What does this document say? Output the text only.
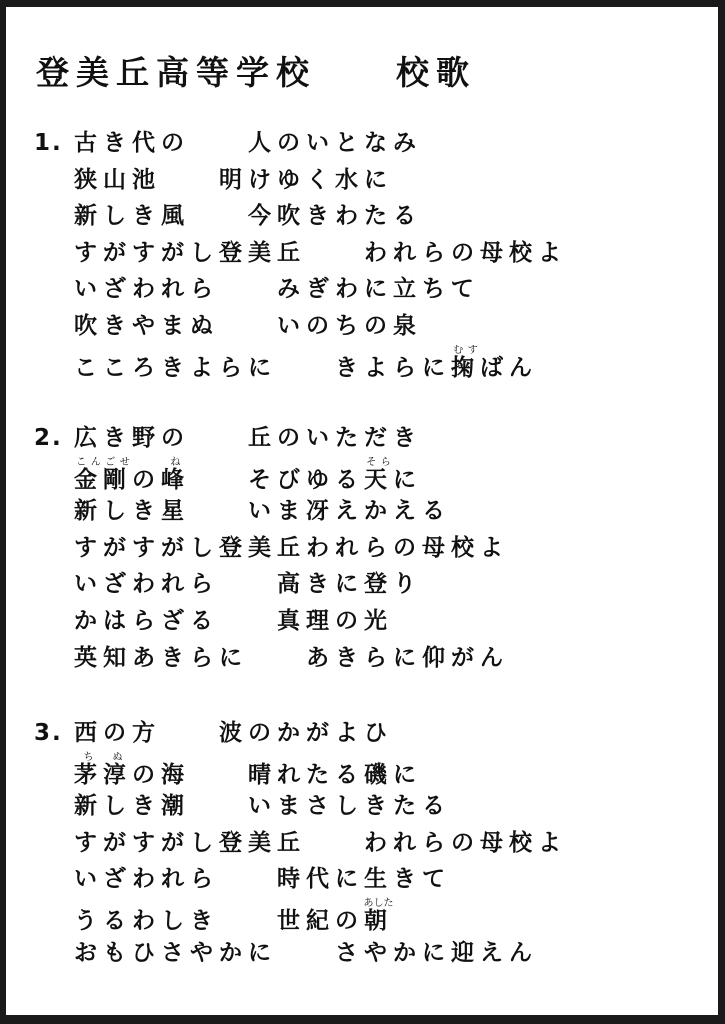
登美丘高等学校　　校歌
1. 古き代の　　人のいとなみ
狭山池　　明けゆく水に
新しき風　　今吹きわたる
すがすがし登美丘　　われらの母校よ
いざわれら　　みぎわに立ちて
吹きやまぬ　　いのちの泉
こころきよらに　　きよらに掬むすばん
2. 広き野の　　丘のいただき
金剛こんごせの峰ね　　そびゆる天そらに
新しき星　　いま冴えかえる
すがすがし登美丘われらの母校よ
いざわれら　　高きに登り
かはらざる　　真理の光
英知あきらに　　あきらに仰がん
3. 西の方　　波のかがよひ
茅淳ちぬの海　　晴れたる磯に
新しき潮　　いまさしきたる
すがすがし登美丘　　われらの母校よ
いざわれら　　時代に生きて
うるわしき　　世紀の朝あした
おもひさやかに　　さやかに迎えん
